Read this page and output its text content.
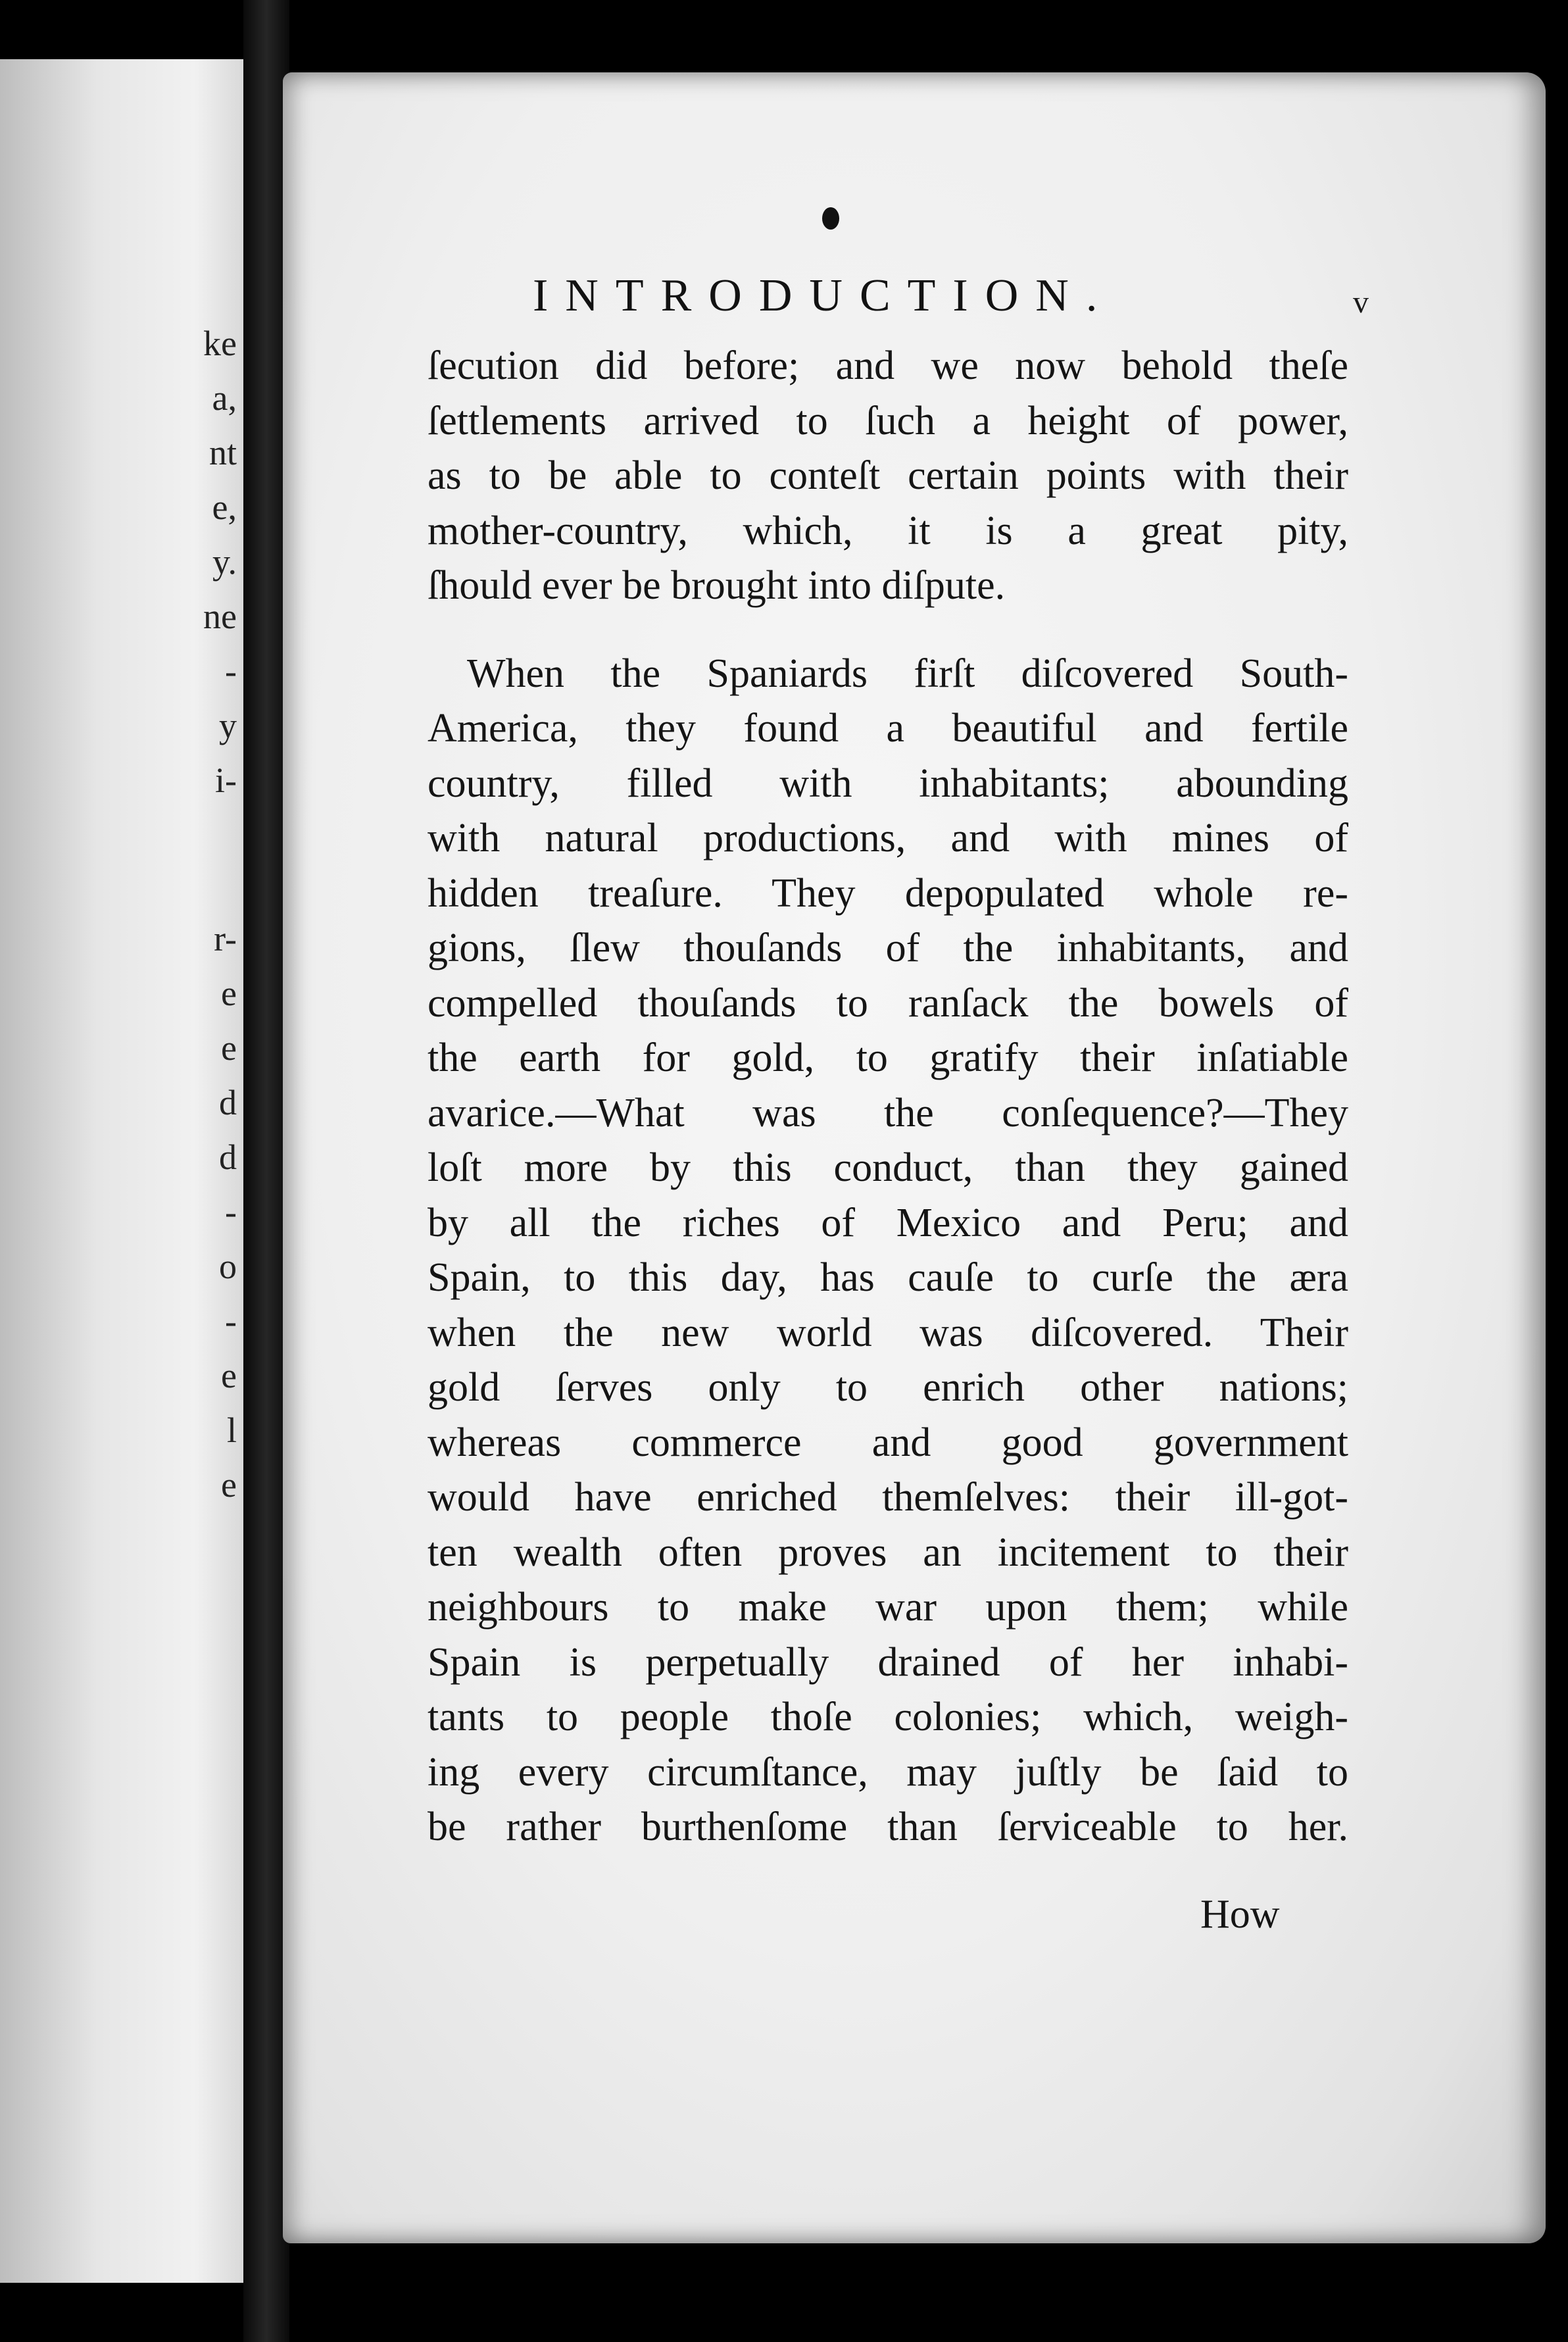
ke
a,
nt
e,
y.
ne
-
y
i-
r-
e
e
d
d
-
o
-
e
l
e
INTRODUCTION.	v
ſecution did before; and we now behold theſe
ſettlements arrived to ſuch a height of power,
as to be able to conteſt certain points with their
mother-country, which, it is a great pity,
ſhould ever be brought into diſpute.
When the Spaniards firſt diſcovered South-
America, they found a beautiful and fertile
country, filled with inhabitants; abounding
with natural productions, and with mines of
hidden treaſure. They depopulated whole re-
gions, ſlew thouſands of the inhabitants, and
compelled thouſands to ranſack the bowels of
the earth for gold, to gratify their inſatiable
avarice.—What was the conſequence?—They
loſt more by this conduct, than they gained
by all the riches of Mexico and Peru; and
Spain, to this day, has cauſe to curſe the æra
when the new world was diſcovered. Their
gold ſerves only to enrich other nations;
whereas commerce and good government
would have enriched themſelves: their ill-got-
ten wealth often proves an incitement to their
neighbours to make war upon them; while
Spain is perpetually drained of her inhabi-
tants to people thoſe colonies; which, weigh-
ing every circumſtance, may juſtly be ſaid to
be rather burthenſome than ſerviceable to her.
How
